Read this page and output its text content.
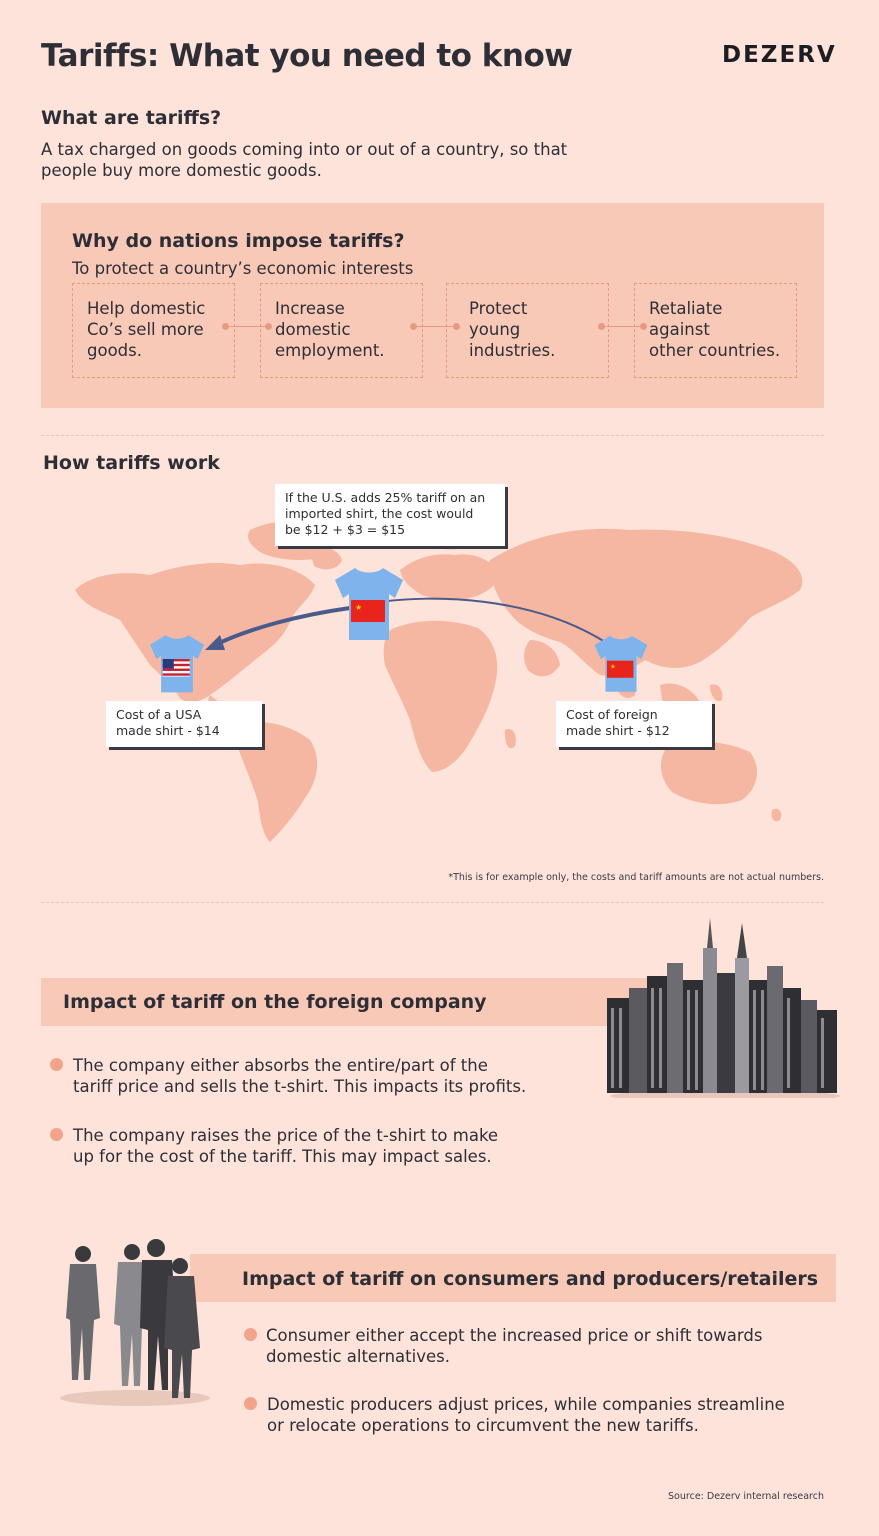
Tariffs: What you need to know	DEZERV
What are tariffs?
A tax charged on goods coming into or out of a country, so that
people buy more domestic goods.
Why do nations impose tariffs?
To protect a country’s economic interests
Help domestic
Co’s sell more
goods.
Increase
domestic
employment.
Protect
young
industries.
Retaliate
against
other countries.
How tariffs work
★
★
If the U.S. adds 25% tariff on an
imported shirt, the cost would
be $12 + $3 = $15
Cost of a USA
made shirt - $14
Cost of foreign
made shirt - $12
*This is for example only, the costs and tariff amounts are not actual numbers.
Impact of tariff on the foreign company
The company either absorbs the entire/part of the
tariff price and sells the t-shirt. This impacts its profits.
The company raises the price of the t-shirt to make
up for the cost of the tariff. This may impact sales.
Impact of tariff on consumers and producers/retailers
Consumer either accept the increased price or shift towards
domestic alternatives.
Domestic producers adjust prices, while companies streamline
or relocate operations to circumvent the new tariffs.
Source: Dezerv internal research
